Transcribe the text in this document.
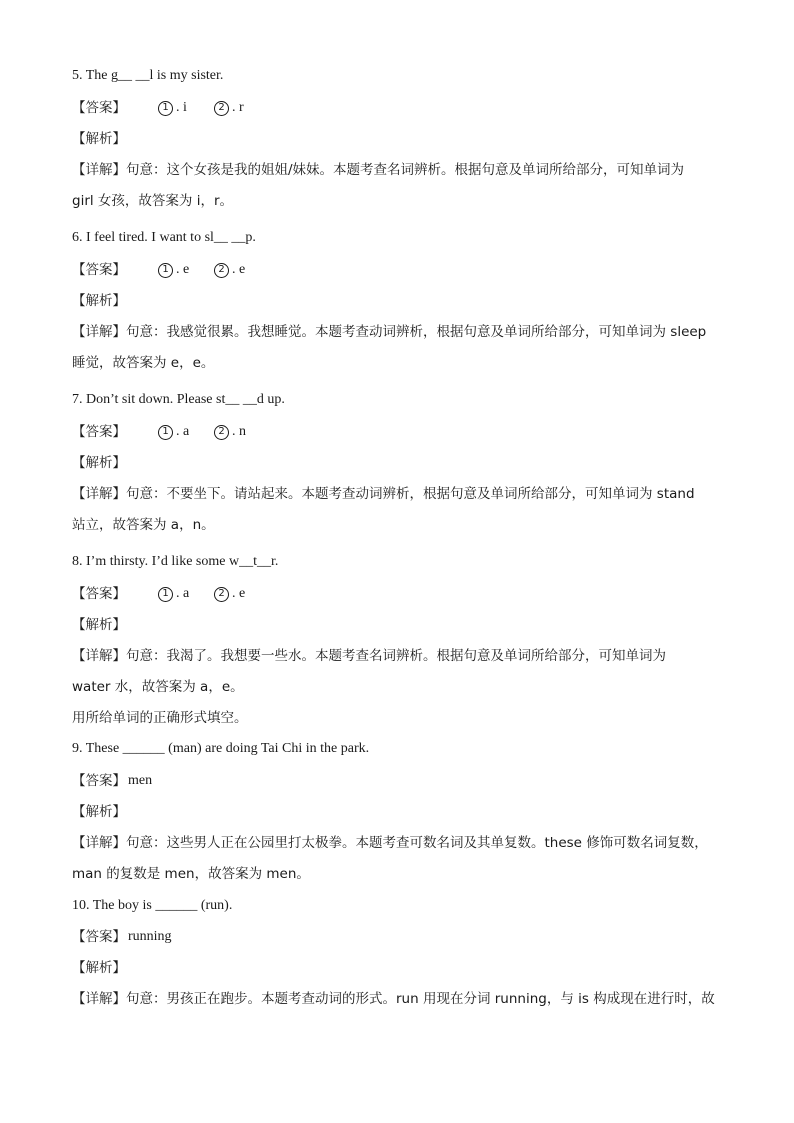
5. The g__ __l is my sister.
【答案】	1 . i	2 . r
【解析】
【详解】句意：这个女孩是我的姐姐/妹妹。本题考查名词辨析。根据句意及单词所给部分，可知单词为
girl 女孩，故答案为 i，r。
6. I feel tired. I want to sl__ __p.
【答案】	1 . e	2 . e
【解析】
【详解】句意：我感觉很累。我想睡觉。本题考查动词辨析，根据句意及单词所给部分，可知单词为 sleep
睡觉，故答案为 e，e。
7. Don’t sit down. Please st__ __d up.
【答案】	1 . a	2 . n
【解析】
【详解】句意：不要坐下。请站起来。本题考查动词辨析，根据句意及单词所给部分，可知单词为 stand
站立，故答案为 a，n。
8. I’m thirsty. I’d like some w__t__r.
【答案】	1 . a	2 . e
【解析】
【详解】句意：我渴了。我想要一些水。本题考查名词辨析。根据句意及单词所给部分，可知单词为
water 水，故答案为 a，e。
用所给单词的正确形式填空。
9. These ______ (man) are doing Tai Chi in the park.
【答案】 men
【解析】
【详解】句意：这些男人正在公园里打太极拳。本题考查可数名词及其单复数。these 修饰可数名词复数，
man 的复数是 men，故答案为 men。
10. The boy is ______ (run).
【答案】 running
【解析】
【详解】句意：男孩正在跑步。本题考查动词的形式。run 用现在分词 running，与 is 构成现在进行时，故
